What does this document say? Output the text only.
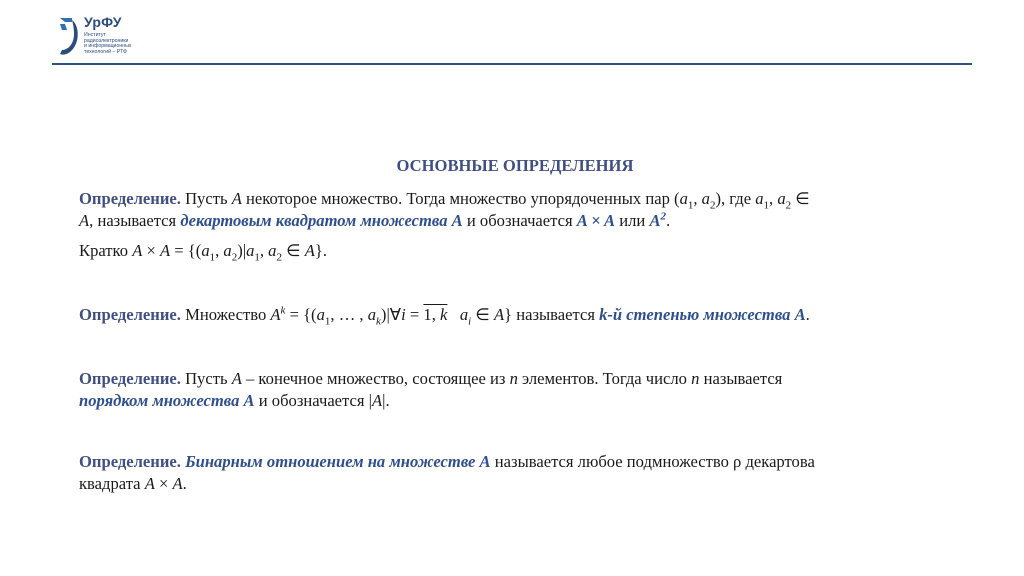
УрФУ
Институт
радиоэлектроники
и информационных
технологий – РТФ
ОСНОВНЫЕ ОПРЕДЕЛЕНИЯ
Определение. Пусть A некоторое множество. Тогда множество упорядоченных пар ($a_1$, $a_2$), где $a_1$, $a_2$ ∈
A, называется декартовым квадратом множества A и обозначается A × A или $A^2$.
Кратко $A \times A = \{(a_1$, $a_2)|a_1$, $a_2$ ∈ A}.
Определение. Множество $A^k = \{(a_1$, … , $a_k)|\forall i = 1$, k $a_i$ ∈ A} называется k-й степенью множества A.
Определение. Пусть A – конечное множество, состоящее из n элементов. Тогда число n называется
порядком множества A и обозначается |A|.
Определение. Бинарным отношением на множестве A называется любое подмножество ρ декартова
квадрата A × A.
